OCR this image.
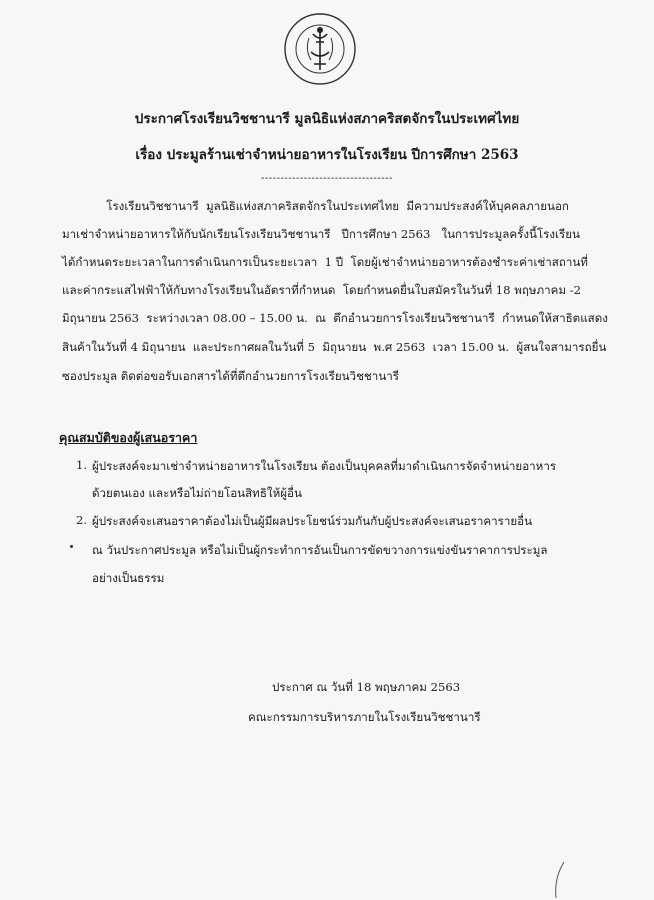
ประกาศโรงเรียนวิชชานารี มูลนิธิแห่งสภาคริสตจักรในประเทศไทย
เรื่อง ประมูลร้านเช่าจำหน่ายอาหารในโรงเรียน ปีการศึกษา 2563
----------------------------------
โรงเรียนวิชชานารี  มูลนิธิแห่งสภาคริสตจักรในประเทศไทย  มีความประสงค์ให้บุคคลภายนอก
มาเช่าจำหน่ายอาหารให้กับนักเรียนโรงเรียนวิชชานารี   ปีการศึกษา 2563   ในการประมูลครั้งนี้โรงเรียน
ได้กำหนดระยะเวลาในการดำเนินการเป็นระยะเวลา  1 ปี  โดยผู้เช่าจำหน่ายอาหารต้องชำระค่าเช่าสถานที่
และค่ากระแสไฟฟ้าให้กับทางโรงเรียนในอัตราที่กำหนด  โดยกำหนดยื่นใบสมัครในวันที่ 18 พฤษภาคม -2
มิถุนายน 2563  ระหว่างเวลา 08.00 – 15.00 น.  ณ  ตึกอำนวยการโรงเรียนวิชชานารี  กำหนดให้สาธิตแสดง
สินค้าในวันที่ 4 มิถุนายน  และประกาศผลในวันที่ 5  มิถุนายน  พ.ศ 2563  เวลา 15.00 น.  ผู้สนใจสามารถยื่น
ซองประมูล ติดต่อขอรับเอกสารได้ที่ตึกอำนวยการโรงเรียนวิชชานารี
คุณสมบัติของผู้เสนอราคา
1. ผู้ประสงค์จะมาเช่าจำหน่ายอาหารในโรงเรียน ต้องเป็นบุคคลที่มาดำเนินการจัดจำหน่ายอาหาร
ด้วยตนเอง และหรือไม่ถ่ายโอนสิทธิให้ผู้อื่น
2. ผู้ประสงค์จะเสนอราคาต้องไม่เป็นผู้มีผลประโยชน์ร่วมกันกับผู้ประสงค์จะเสนอราคารายอื่น
ณ วันประกาศประมูล หรือไม่เป็นผู้กระทำการอันเป็นการขัดขวางการแข่งขันราคาการประมูล
อย่างเป็นธรรม
ประกาศ ณ วันที่ 18 พฤษภาคม 2563
คณะกรรมการบริหารภายในโรงเรียนวิชชานารี
